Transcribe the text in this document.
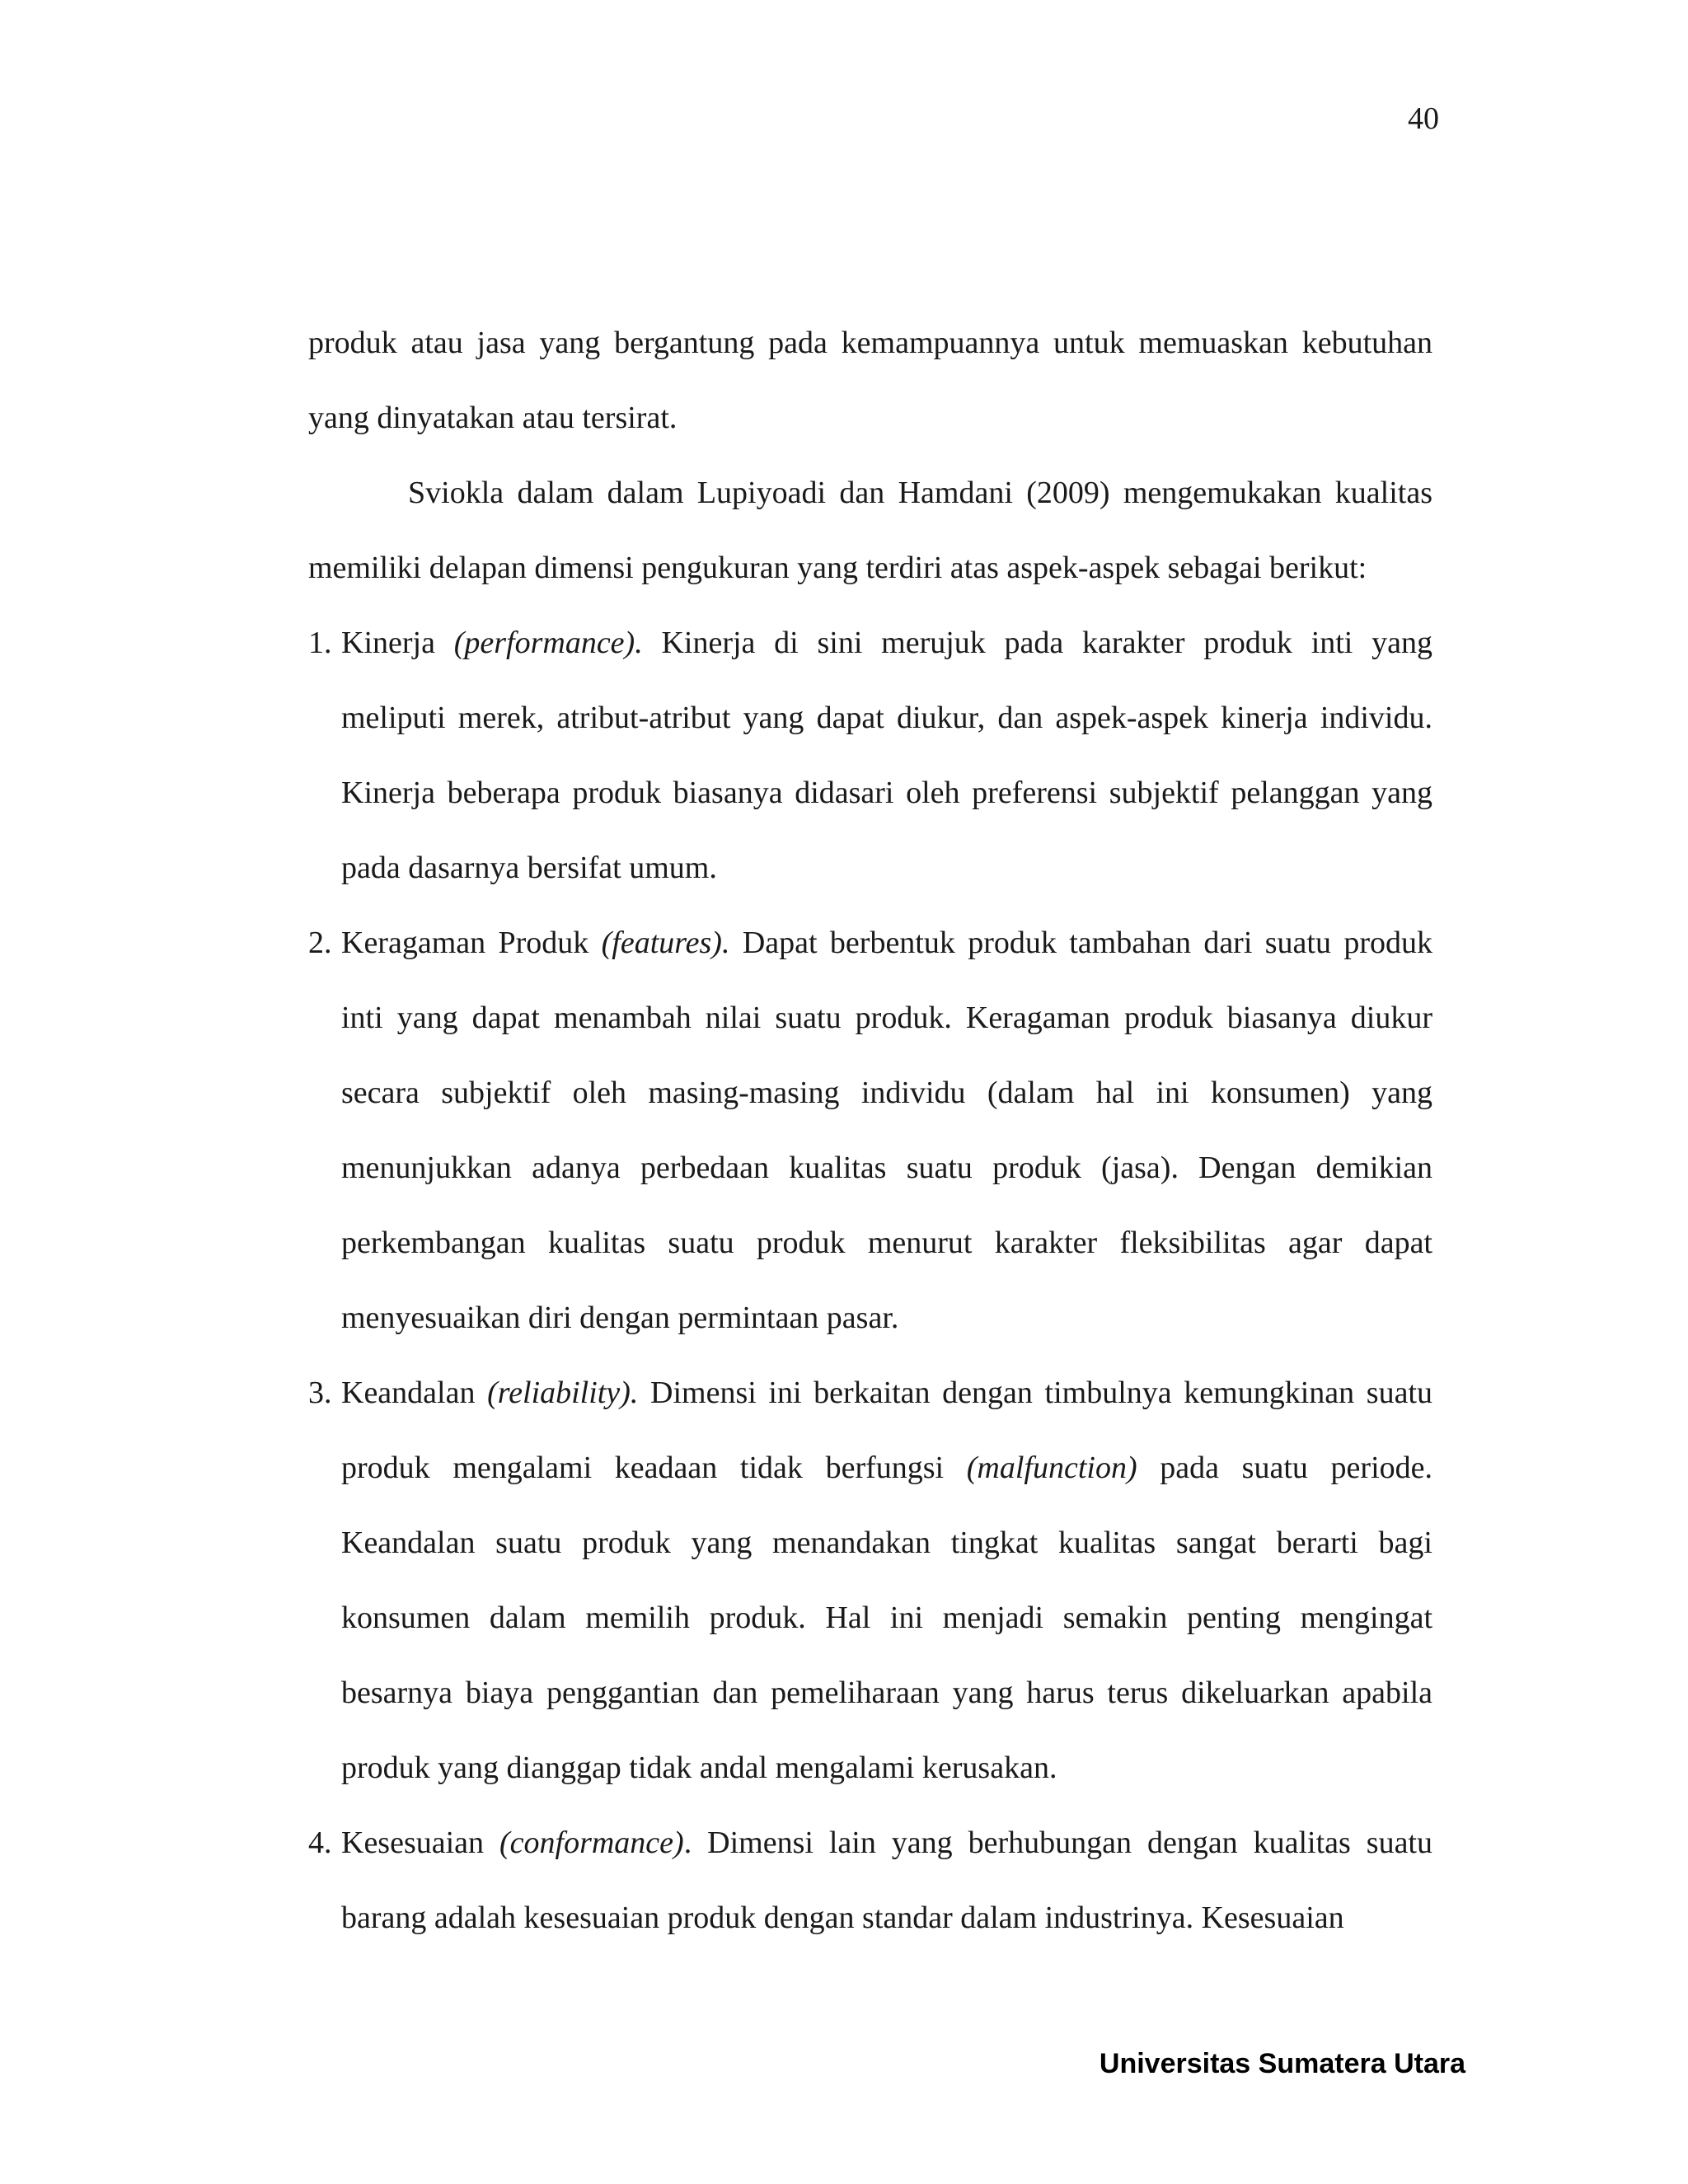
40

produk atau jasa yang bergantung pada kemampuannya untuk memuaskan kebutuhan yang dinyatakan atau tersirat.

Sviokla dalam dalam Lupiyoadi dan Hamdani (2009) mengemukakan kualitas memiliki delapan dimensi pengukuran yang terdiri atas aspek-aspek sebagai berikut:

1. Kinerja (performance). Kinerja di sini merujuk pada karakter produk inti yang meliputi merek, atribut-atribut yang dapat diukur, dan aspek-aspek kinerja individu. Kinerja beberapa produk biasanya didasari oleh preferensi subjektif pelanggan yang pada dasarnya bersifat umum.
2. Keragaman Produk (features). Dapat berbentuk produk tambahan dari suatu produk inti yang dapat menambah nilai suatu produk. Keragaman produk biasanya diukur secara subjektif oleh masing-masing individu (dalam hal ini konsumen) yang menunjukkan adanya perbedaan kualitas suatu produk (jasa). Dengan demikian perkembangan kualitas suatu produk menurut karakter fleksibilitas agar dapat menyesuaikan diri dengan permintaan pasar.
3. Keandalan (reliability). Dimensi ini berkaitan dengan timbulnya kemungkinan suatu produk mengalami keadaan tidak berfungsi (malfunction) pada suatu periode. Keandalan suatu produk yang menandakan tingkat kualitas sangat berarti bagi konsumen dalam memilih produk. Hal ini menjadi semakin penting mengingat besarnya biaya penggantian dan pemeliharaan yang harus terus dikeluarkan apabila produk yang dianggap tidak andal mengalami kerusakan.
4. Kesesuaian (conformance). Dimensi lain yang berhubungan dengan kualitas suatu barang adalah kesesuaian produk dengan standar dalam industrinya. Kesesuaian
Universitas Sumatera Utara
